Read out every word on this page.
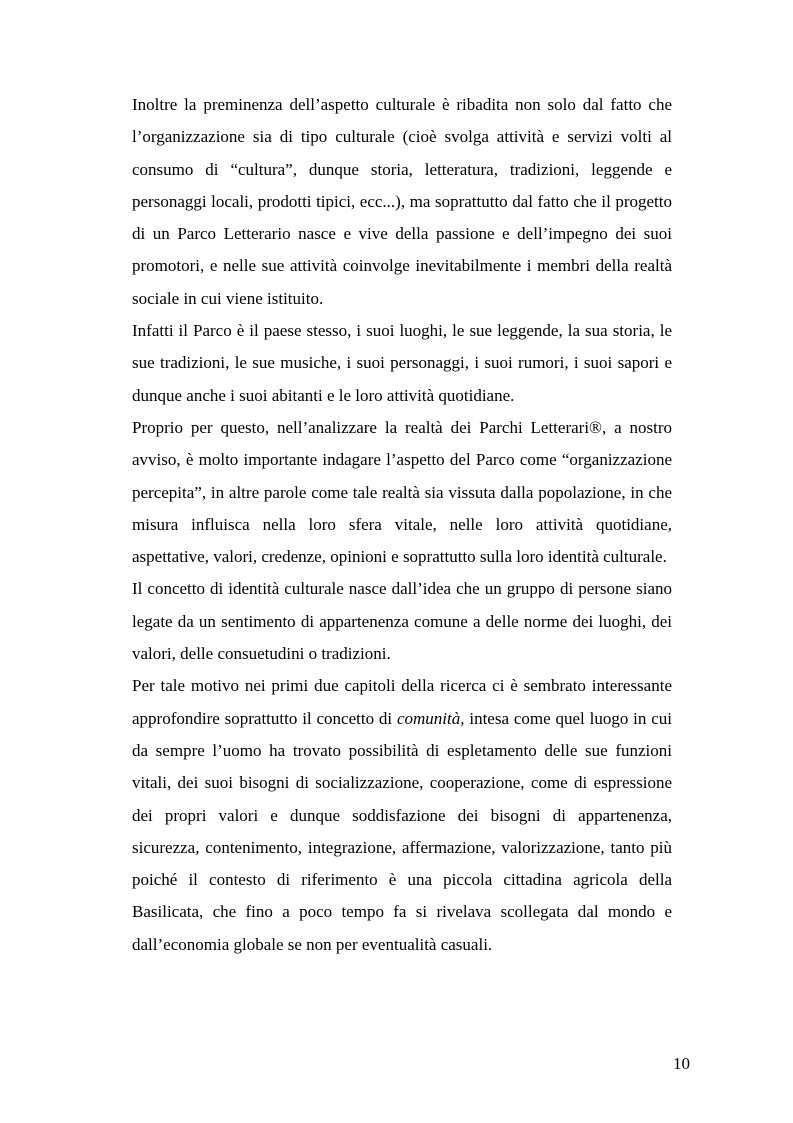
Inoltre la preminenza dell’aspetto culturale è ribadita non solo dal fatto che l’organizzazione sia di tipo culturale (cioè svolga attività e servizi volti al consumo di “cultura”, dunque storia, letteratura, tradizioni, leggende e personaggi locali, prodotti tipici, ecc...), ma soprattutto dal fatto che il progetto di un Parco Letterario nasce e vive della passione e dell’impegno dei suoi promotori, e nelle sue attività coinvolge inevitabilmente i membri della realtà sociale in cui viene istituito.

Infatti il Parco è il paese stesso, i suoi luoghi, le sue leggende, la sua storia, le sue tradizioni, le sue musiche, i suoi personaggi, i suoi rumori, i suoi sapori e dunque anche i suoi abitanti e le loro attività quotidiane.

Proprio per questo, nell’analizzare la realtà dei Parchi Letterari®, a nostro avviso, è molto importante indagare l’aspetto del Parco come “organizzazione percepita”, in altre parole come tale realtà sia vissuta dalla popolazione, in che misura influisca nella loro sfera vitale, nelle loro attività quotidiane, aspettative, valori, credenze, opinioni e soprattutto sulla loro identità culturale.

Il concetto di identità culturale nasce dall’idea che un gruppo di persone siano legate da un sentimento di appartenenza comune a delle norme dei luoghi, dei valori, delle consuetudini o tradizioni.

Per tale motivo nei primi due capitoli della ricerca ci è sembrato interessante approfondire soprattutto il concetto di comunità, intesa come quel luogo in cui da sempre l’uomo ha trovato possibilità di espletamento delle sue funzioni vitali, dei suoi bisogni di socializzazione, cooperazione, come di espressione dei propri valori e dunque soddisfazione dei bisogni di appartenenza, sicurezza, contenimento, integrazione, affermazione, valorizzazione, tanto più poiché il contesto di riferimento è una piccola cittadina agricola della Basilicata, che fino a poco tempo fa si rivelava scollegata dal mondo e dall’economia globale se non per eventualità casuali.

10
